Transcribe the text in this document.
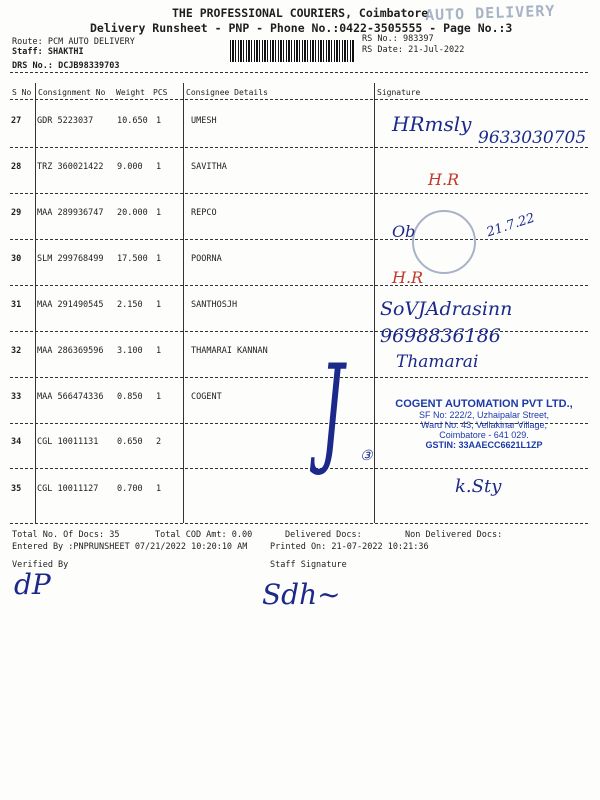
THE PROFESSIONAL COURIERS, Coimbatore
AUTO DELIVERY
Delivery Runsheet - PNP - Phone No.:0422-3505555 - Page No.:3
Route: PCM AUTO DELIVERY
Staff: SHAKTHI
DRS No.: DCJB98339703
RS No.: 983397
RS Date: 21-Jul-2022
S No Consignment No Weight PCS Consignee Details	Signature
27 GDR 5223037	10.650 1	UMESH
28 TRZ 360021422 9.000 1	SAVITHA
29 MAA 289936747 20.000 1	REPCO
30 SLM 299768499 17.500 1	POORNA
31 MAA 291490545 2.150 1	SANTHOSJH
32 MAA 286369596 3.100 1	THAMARAI KANNAN
33 MAA 566474336 0.850 1	COGENT
34 CGL 10011131 0.650 2
35 CGL 10011127 0.700 1
HRmsly
9633030705
H.R
Ob	21.7.22
H.R
SoVJAdrasinn
9698836186
Thamarai
J ③
k.Sty
COGENT AUTOMATION PVT LTD.,
SF No: 222/2, Uzhaipalar Street,
Ward No: 43, Vellakinar Village,
Coimbatore - 641 029.
GSTIN: 33AAECC6621L1ZP
Total No. Of Docs: 35	Total COD Amt: 0.00	Delivered Docs:	Non Delivered Docs:
Entered By :PNPRUNSHEET 07/21/2022 10:20:10 AM	Printed On: 21-07-2022 10:21:36
Verified By	Staff Signature
dP	Sdh~
